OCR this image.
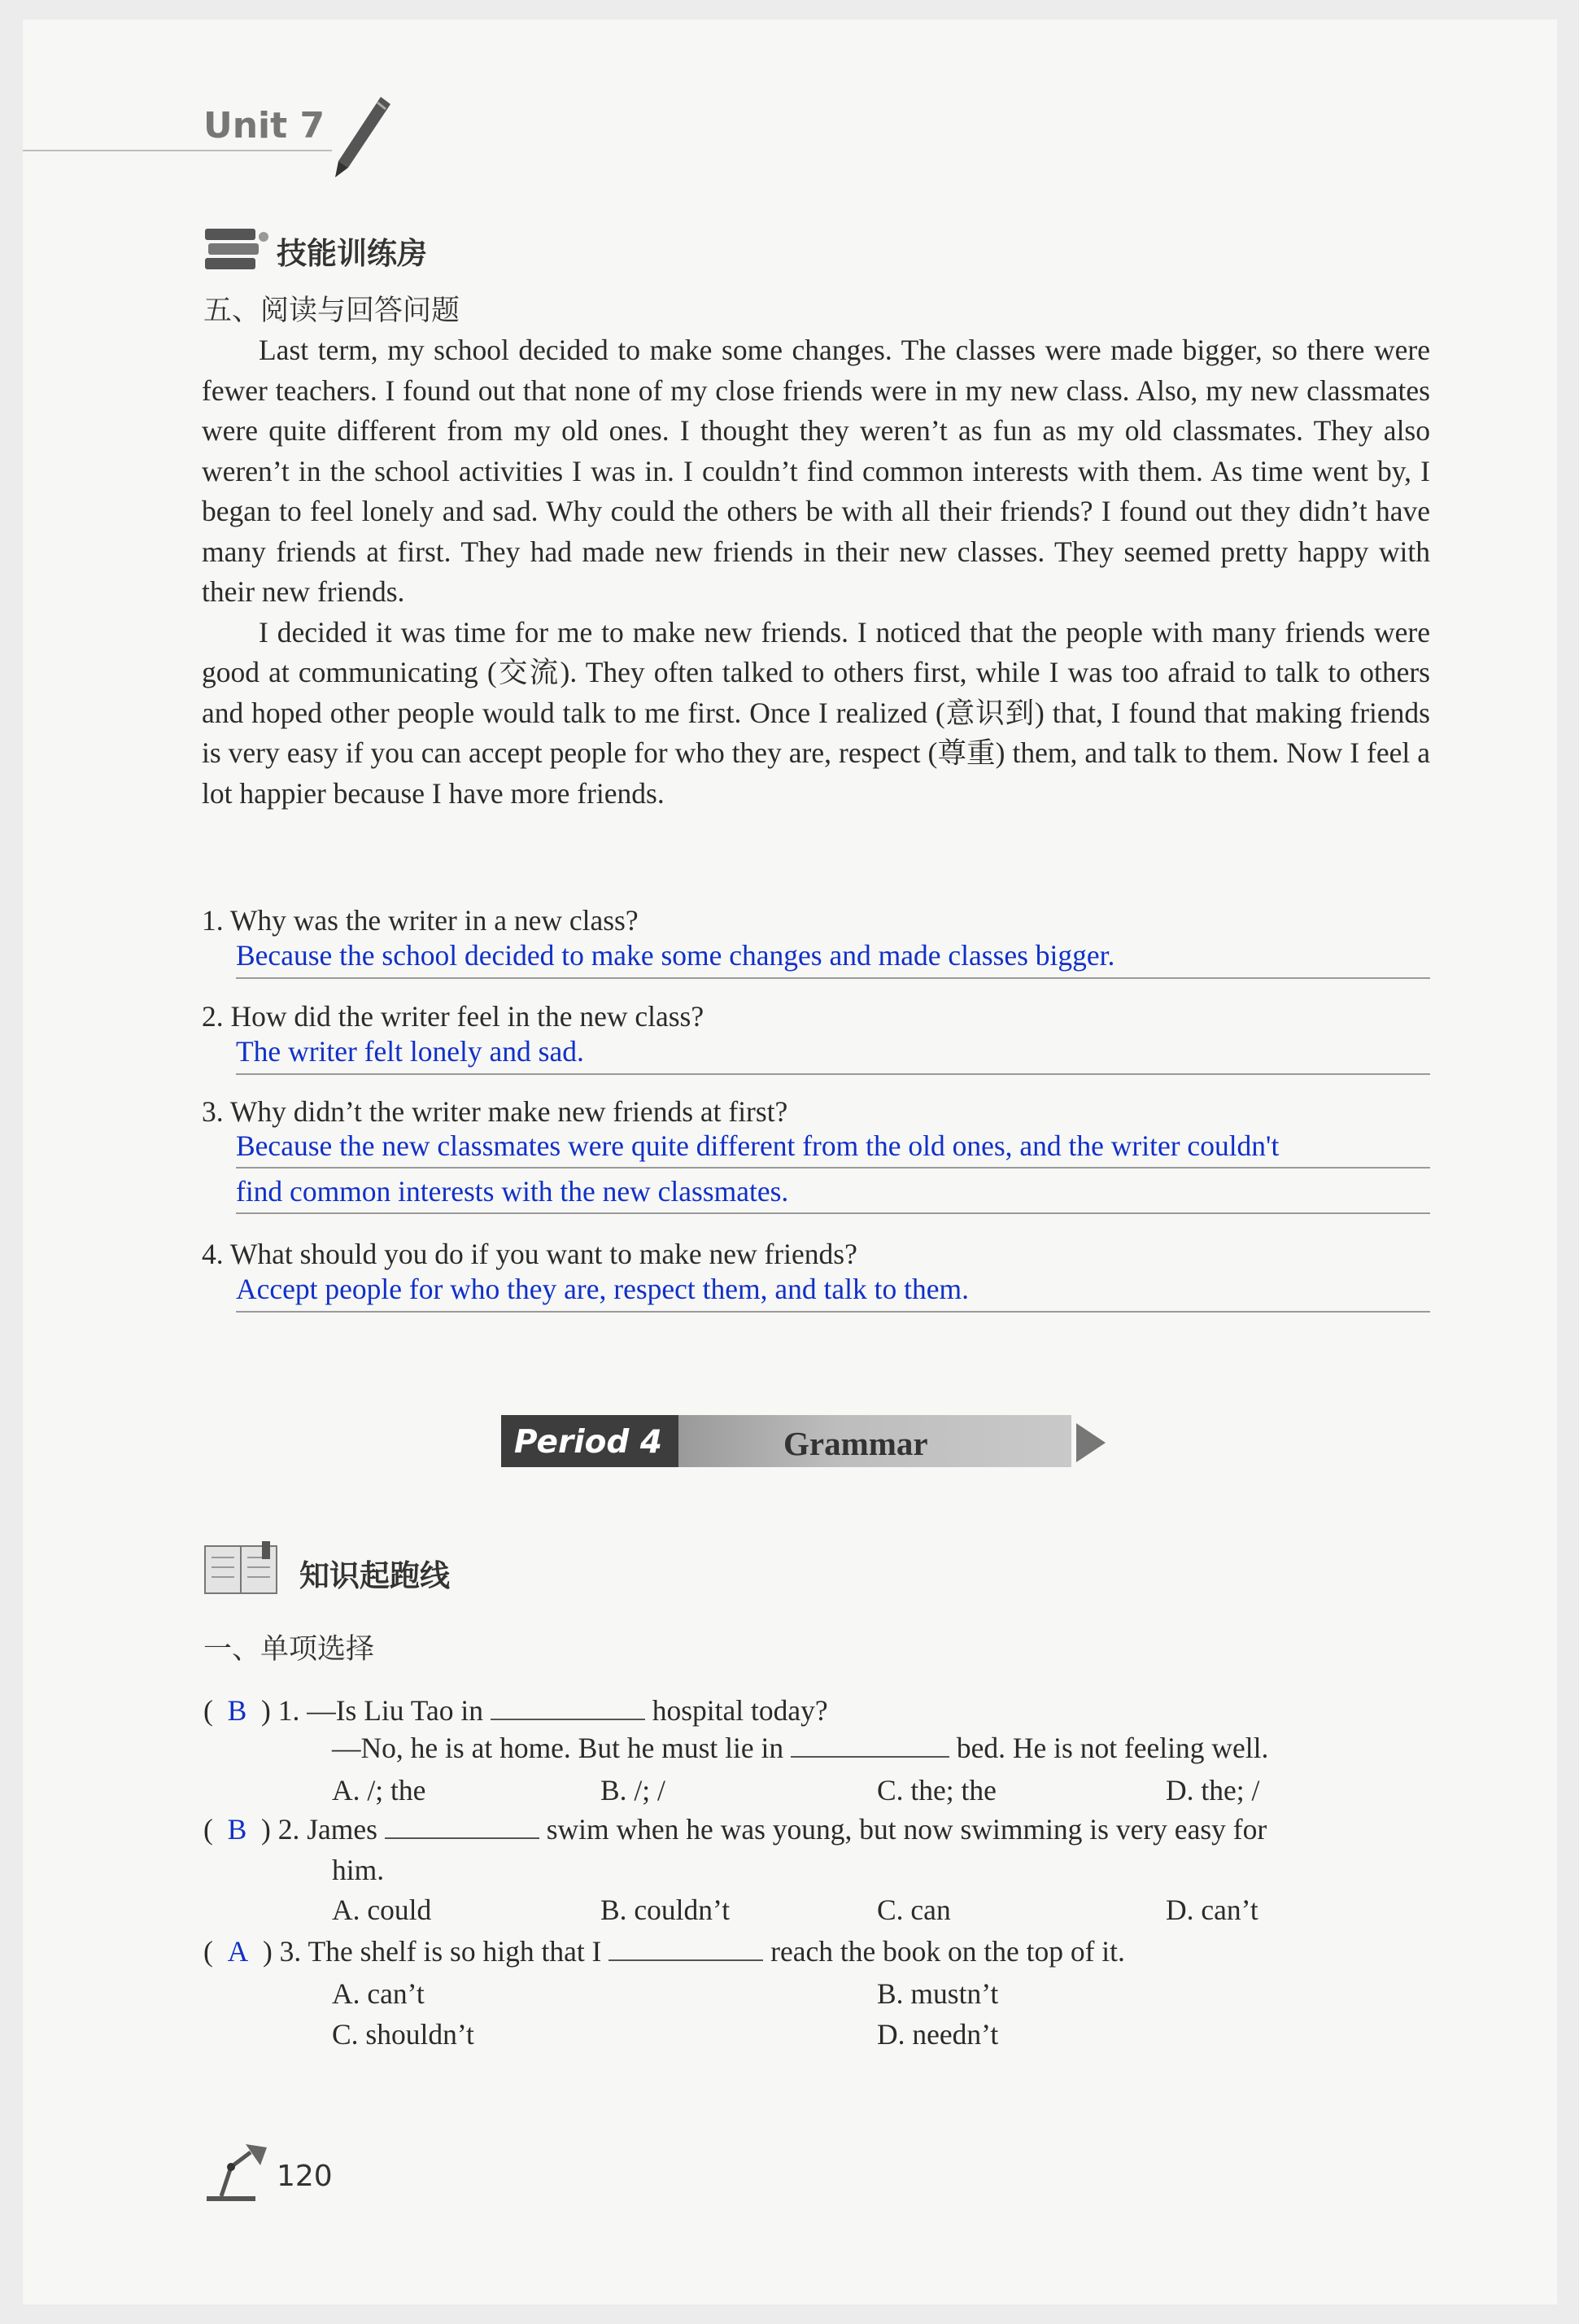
Unit 7
技能训练房
五、阅读与回答问题

Last term, my school decided to make some changes. The classes were made bigger, so there were fewer teachers. I found out that none of my close friends were in my new class. Also, my new classmates were quite different from my old ones. I thought they weren’t as fun as my old classmates. They also weren’t in the school activities I was in. I couldn’t find common interests with them. As time went by, I began to feel lonely and sad. Why could the others be with all their friends? I found out they didn’t have many friends at first. They had made new friends in their new classes. They seemed pretty happy with their new friends.

I decided it was time for me to make new friends. I noticed that the people with many friends were good at communicating (交流). They often talked to others first, while I was too afraid to talk to others and hoped other people would talk to me first. Once I realized (意识到) that, I found that making friends is very easy if you can accept people for who they are, respect (尊重) them, and talk to them. Now I feel a lot happier because I have more friends.

1. Why was the writer in a new class?
Because the school decided to make some changes and made classes bigger.
2. How did the writer feel in the new class?
The writer felt lonely and sad.
3. Why didn’t the writer make new friends at first?
Because the new classmates were quite different from the old ones, and the writer couldn't
find common interests with the new classmates.
4. What should you do if you want to make new friends?
Accept people for who they are, respect them, and talk to them.
Period 4	Grammar
知识起跑线
一、单项选择
(  B ) 1. —Is Liu Tao in	hospital today?
—No, he is at home. But he must lie in	bed. He is not feeling well.
A. /; the	B. /; /	C. the; the	D. the; /
(  B ) 2. James	swim when he was young, but now swimming is very easy for
him.
A. could	B. couldn’t	C. can	D. can’t
(  A ) 3. The shelf is so high that I	reach the book on the top of it.
A. can’t	B. mustn’t
C. shouldn’t	D. needn’t
120
